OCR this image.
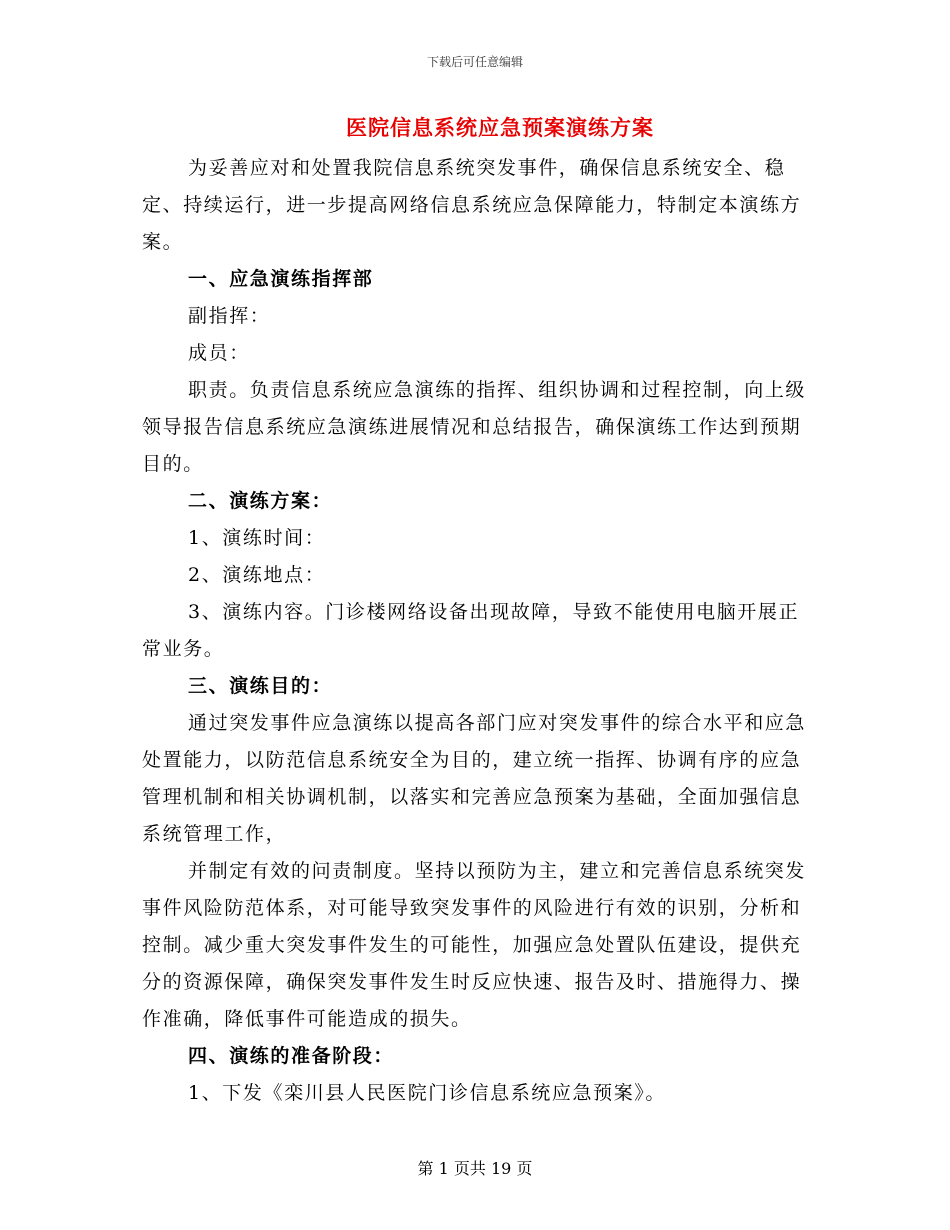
下载后可任意编辑
医院信息系统应急预案演练方案

为妥善应对和处置我院信息系统突发事件，确保信息系统安全、稳定、持续运行，进一步提高网络信息系统应急保障能力，特制定本演练方案。

一、应急演练指挥部

副指挥：

成员：

职责。负责信息系统应急演练的指挥、组织协调和过程控制，向上级领导报告信息系统应急演练进展情况和总结报告，确保演练工作达到预期目的。

二、演练方案：

1、演练时间：

2、演练地点：

3、演练内容。门诊楼网络设备出现故障，导致不能使用电脑开展正常业务。

三、演练目的：

通过突发事件应急演练以提高各部门应对突发事件的综合水平和应急处置能力，以防范信息系统安全为目的，建立统一指挥、协调有序的应急管理机制和相关协调机制，以落实和完善应急预案为基础，全面加强信息系统管理工作，

并制定有效的问责制度。坚持以预防为主，建立和完善信息系统突发事件风险防范体系，对可能导致突发事件的风险进行有效的识别，分析和控制。减少重大突发事件发生的可能性，加强应急处置队伍建设，提供充分的资源保障，确保突发事件发生时反应快速、报告及时、措施得力、操作准确，降低事件可能造成的损失。

四、演练的准备阶段：

1、下发《栾川县人民医院门诊信息系统应急预案》。

第 1 页共 19 页
